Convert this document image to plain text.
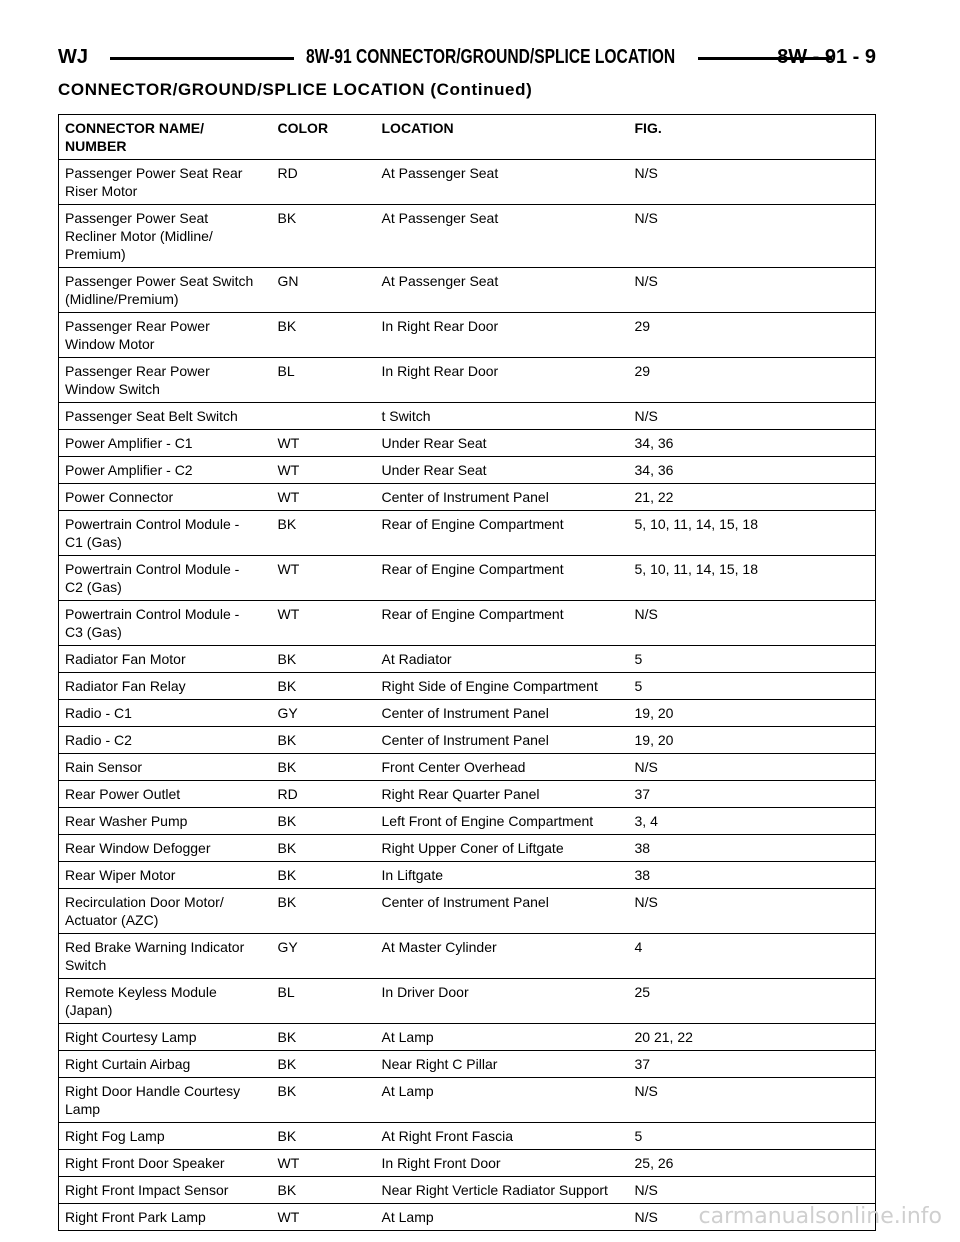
WJ	8W-91 CONNECTOR/GROUND/SPLICE LOCATION	8W - 91 - 9
CONNECTOR/GROUND/SPLICE LOCATION (Continued)
CONNECTOR NAME/
NUMBER	COLOR	LOCATION	FIG.
Passenger Power Seat Rear
Riser Motor	RD	At Passenger Seat	N/S
Passenger Power Seat
Recliner Motor (Midline/
Premium)	BK	At Passenger Seat	N/S
Passenger Power Seat Switch
(Midline/Premium)	GN	At Passenger Seat	N/S
Passenger Rear Power
Window Motor	BK	In Right Rear Door	29
Passenger Rear Power
Window Switch	BL	In Right Rear Door	29
Passenger Seat Belt Switch		t Switch	N/S
Power Amplifier - C1	WT	Under Rear Seat	34, 36
Power Amplifier - C2	WT	Under Rear Seat	34, 36
Power Connector	WT	Center of Instrument Panel	21, 22
Powertrain Control Module -
C1 (Gas)	BK	Rear of Engine Compartment	5, 10, 11, 14, 15, 18
Powertrain Control Module -
C2 (Gas)	WT	Rear of Engine Compartment	5, 10, 11, 14, 15, 18
Powertrain Control Module -
C3 (Gas)	WT	Rear of Engine Compartment	N/S
Radiator Fan Motor	BK	At Radiator	5
Radiator Fan Relay	BK	Right Side of Engine Compartment	5
Radio - C1	GY	Center of Instrument Panel	19, 20
Radio - C2	BK	Center of Instrument Panel	19, 20
Rain Sensor	BK	Front Center Overhead	N/S
Rear Power Outlet	RD	Right Rear Quarter Panel	37
Rear Washer Pump	BK	Left Front of Engine Compartment	3, 4
Rear Window Defogger	BK	Right Upper Coner of Liftgate	38
Rear Wiper Motor	BK	In Liftgate	38
Recirculation Door Motor/
Actuator (AZC)	BK	Center of Instrument Panel	N/S
Red Brake Warning Indicator
Switch	GY	At Master Cylinder	4
Remote Keyless Module
(Japan)	BL	In Driver Door	25
Right Courtesy Lamp	BK	At Lamp	20 21, 22
Right Curtain Airbag	BK	Near Right C Pillar	37
Right Door Handle Courtesy
Lamp	BK	At Lamp	N/S
Right Fog Lamp	BK	At Right Front Fascia	5
Right Front Door Speaker	WT	In Right Front Door	25, 26
Right Front Impact Sensor	BK	Near Right Verticle Radiator Support	N/S
Right Front Park Lamp	WT	At Lamp	N/S carmanualsonline.info
